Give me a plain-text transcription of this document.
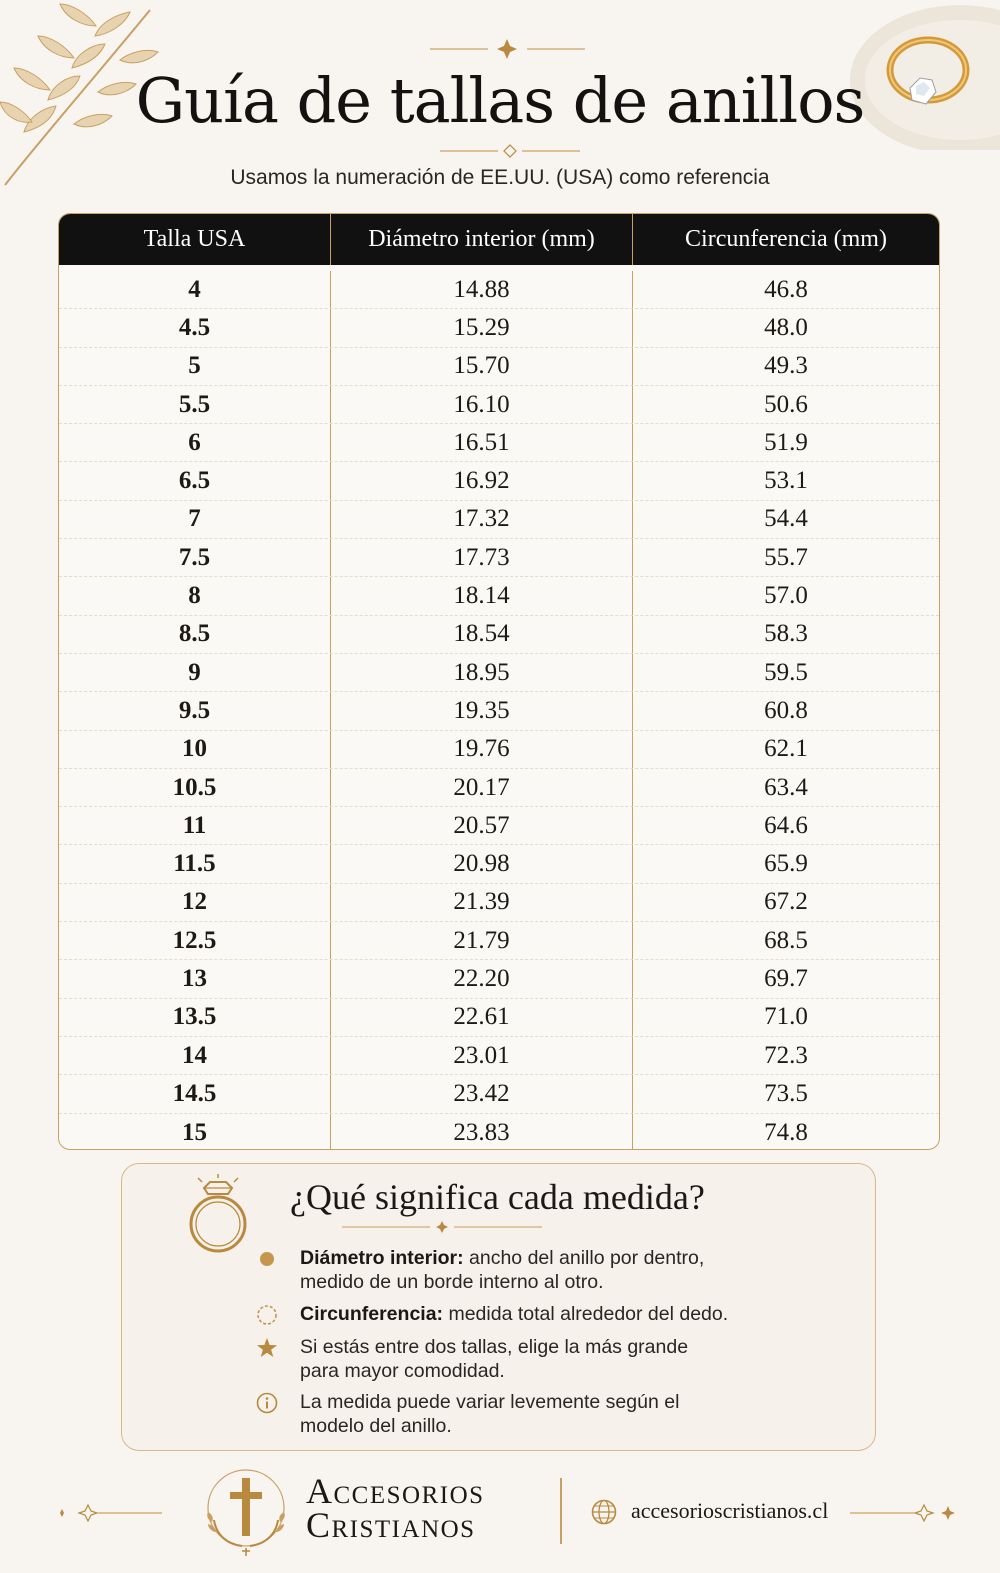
Guía de tallas de anillos
Usamos la numeración de EE.UU. (USA) como referencia
Talla USA	Diámetro interior (mm)	Circunferencia (mm)
4	14.88	46.8
4.5	15.29	48.0
5	15.70	49.3
5.5	16.10	50.6
6	16.51	51.9
6.5	16.92	53.1
7	17.32	54.4
7.5	17.73	55.7
8	18.14	57.0
8.5	18.54	58.3
9	18.95	59.5
9.5	19.35	60.8
10	19.76	62.1
10.5	20.17	63.4
11	20.57	64.6
11.5	20.98	65.9
12	21.39	67.2
12.5	21.79	68.5
13	22.20	69.7
13.5	22.61	71.0
14	23.01	72.3
14.5	23.42	73.5
15	23.83	74.8
¿Qué significa cada medida?
Diámetro interior: ancho del anillo por dentro,
medido de un borde interno al otro.
Circunferencia: medida total alrededor del dedo.
Si estás entre dos tallas, elige la más grande
para mayor comodidad.
La medida puede variar levemente según el
modelo del anillo.
Accesorios
Cristianos	accesorioscristianos.cl
